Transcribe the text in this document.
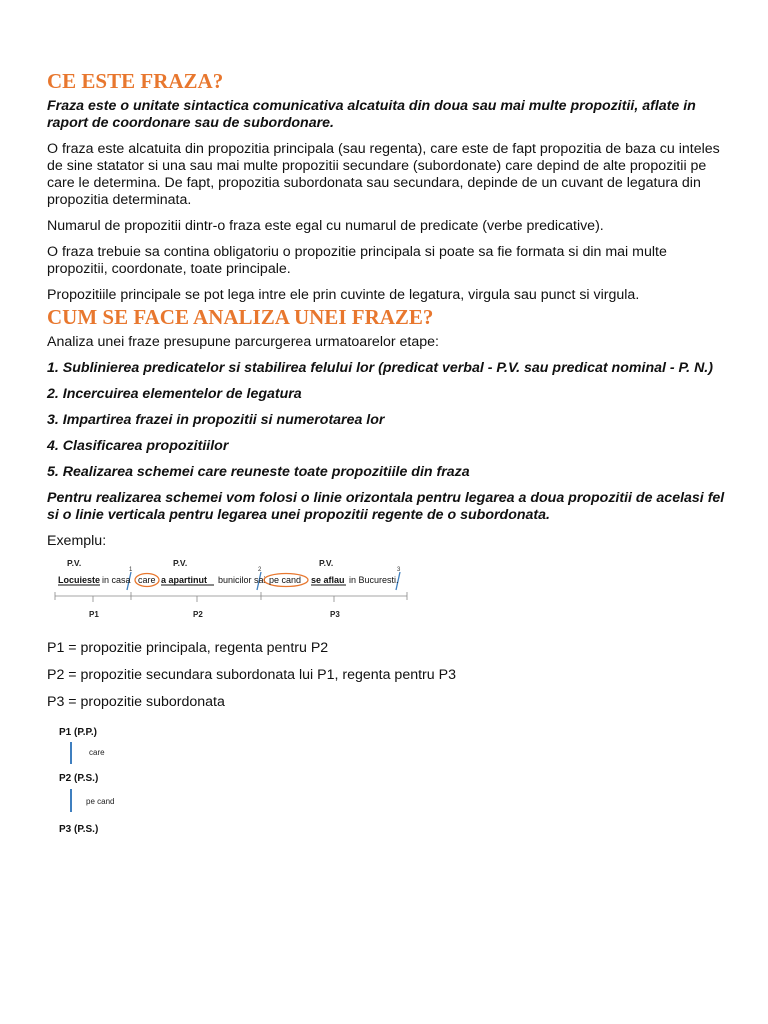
CE ESTE FRAZA?

Fraza este o unitate sintactica comunicativa alcatuita din doua sau mai multe propozitii, aflate in raport de coordonare sau de subordonare.

O fraza este alcatuita din propozitia principala (sau regenta), care este de fapt propozitia de baza cu inteles de sine statator si una sau mai multe propozitii secundare (subordonate) care depind de alte propozitii pe care le determina. De fapt, propozitia subordonata sau secundara, depinde de un cuvant de legatura din propozitia determinata.

Numarul de propozitii dintr-o fraza este egal cu numarul de predicate (verbe predicative).

O fraza trebuie sa contina obligatoriu o propozitie principala si poate sa fie formata si din mai multe propozitii, coordonate, toate principale.

Propozitiile principale se pot lega intre ele prin cuvinte de legatura, virgula sau punct si virgula.

CUM SE FACE ANALIZA UNEI FRAZE?

Analiza unei fraze presupune parcurgerea urmatoarelor etape:

1. Sublinierea predicatelor si stabilirea felului lor (predicat verbal - P.V. sau predicat nominal - P. N.)

2. Incercuirea elementelor de legatura

3. Impartirea frazei in propozitii si numerotarea lor

4. Clasificarea propozitiilor

5. Realizarea schemei care reuneste toate propozitiile din fraza

Pentru realizarea schemei vom folosi o linie orizontala pentru legarea a doua propozitii de acelasi fel si o linie verticala pentru legarea unei propozitii regente de o subordonata.

Exemplu:

P.V.	P.V.	P.V.
1	2	3
Locuieste in casa care a apartinut bunicilor sai pe cand se aflau in Bucuresti.
P1	P2	P3

P1 = propozitie principala, regenta pentru P2

P2 = propozitie secundara subordonata lui P1, regenta pentru P3

P3 = propozitie subordonata

P1 (P.P.)
care
P2 (P.S.)
pe cand
P3 (P.S.)
